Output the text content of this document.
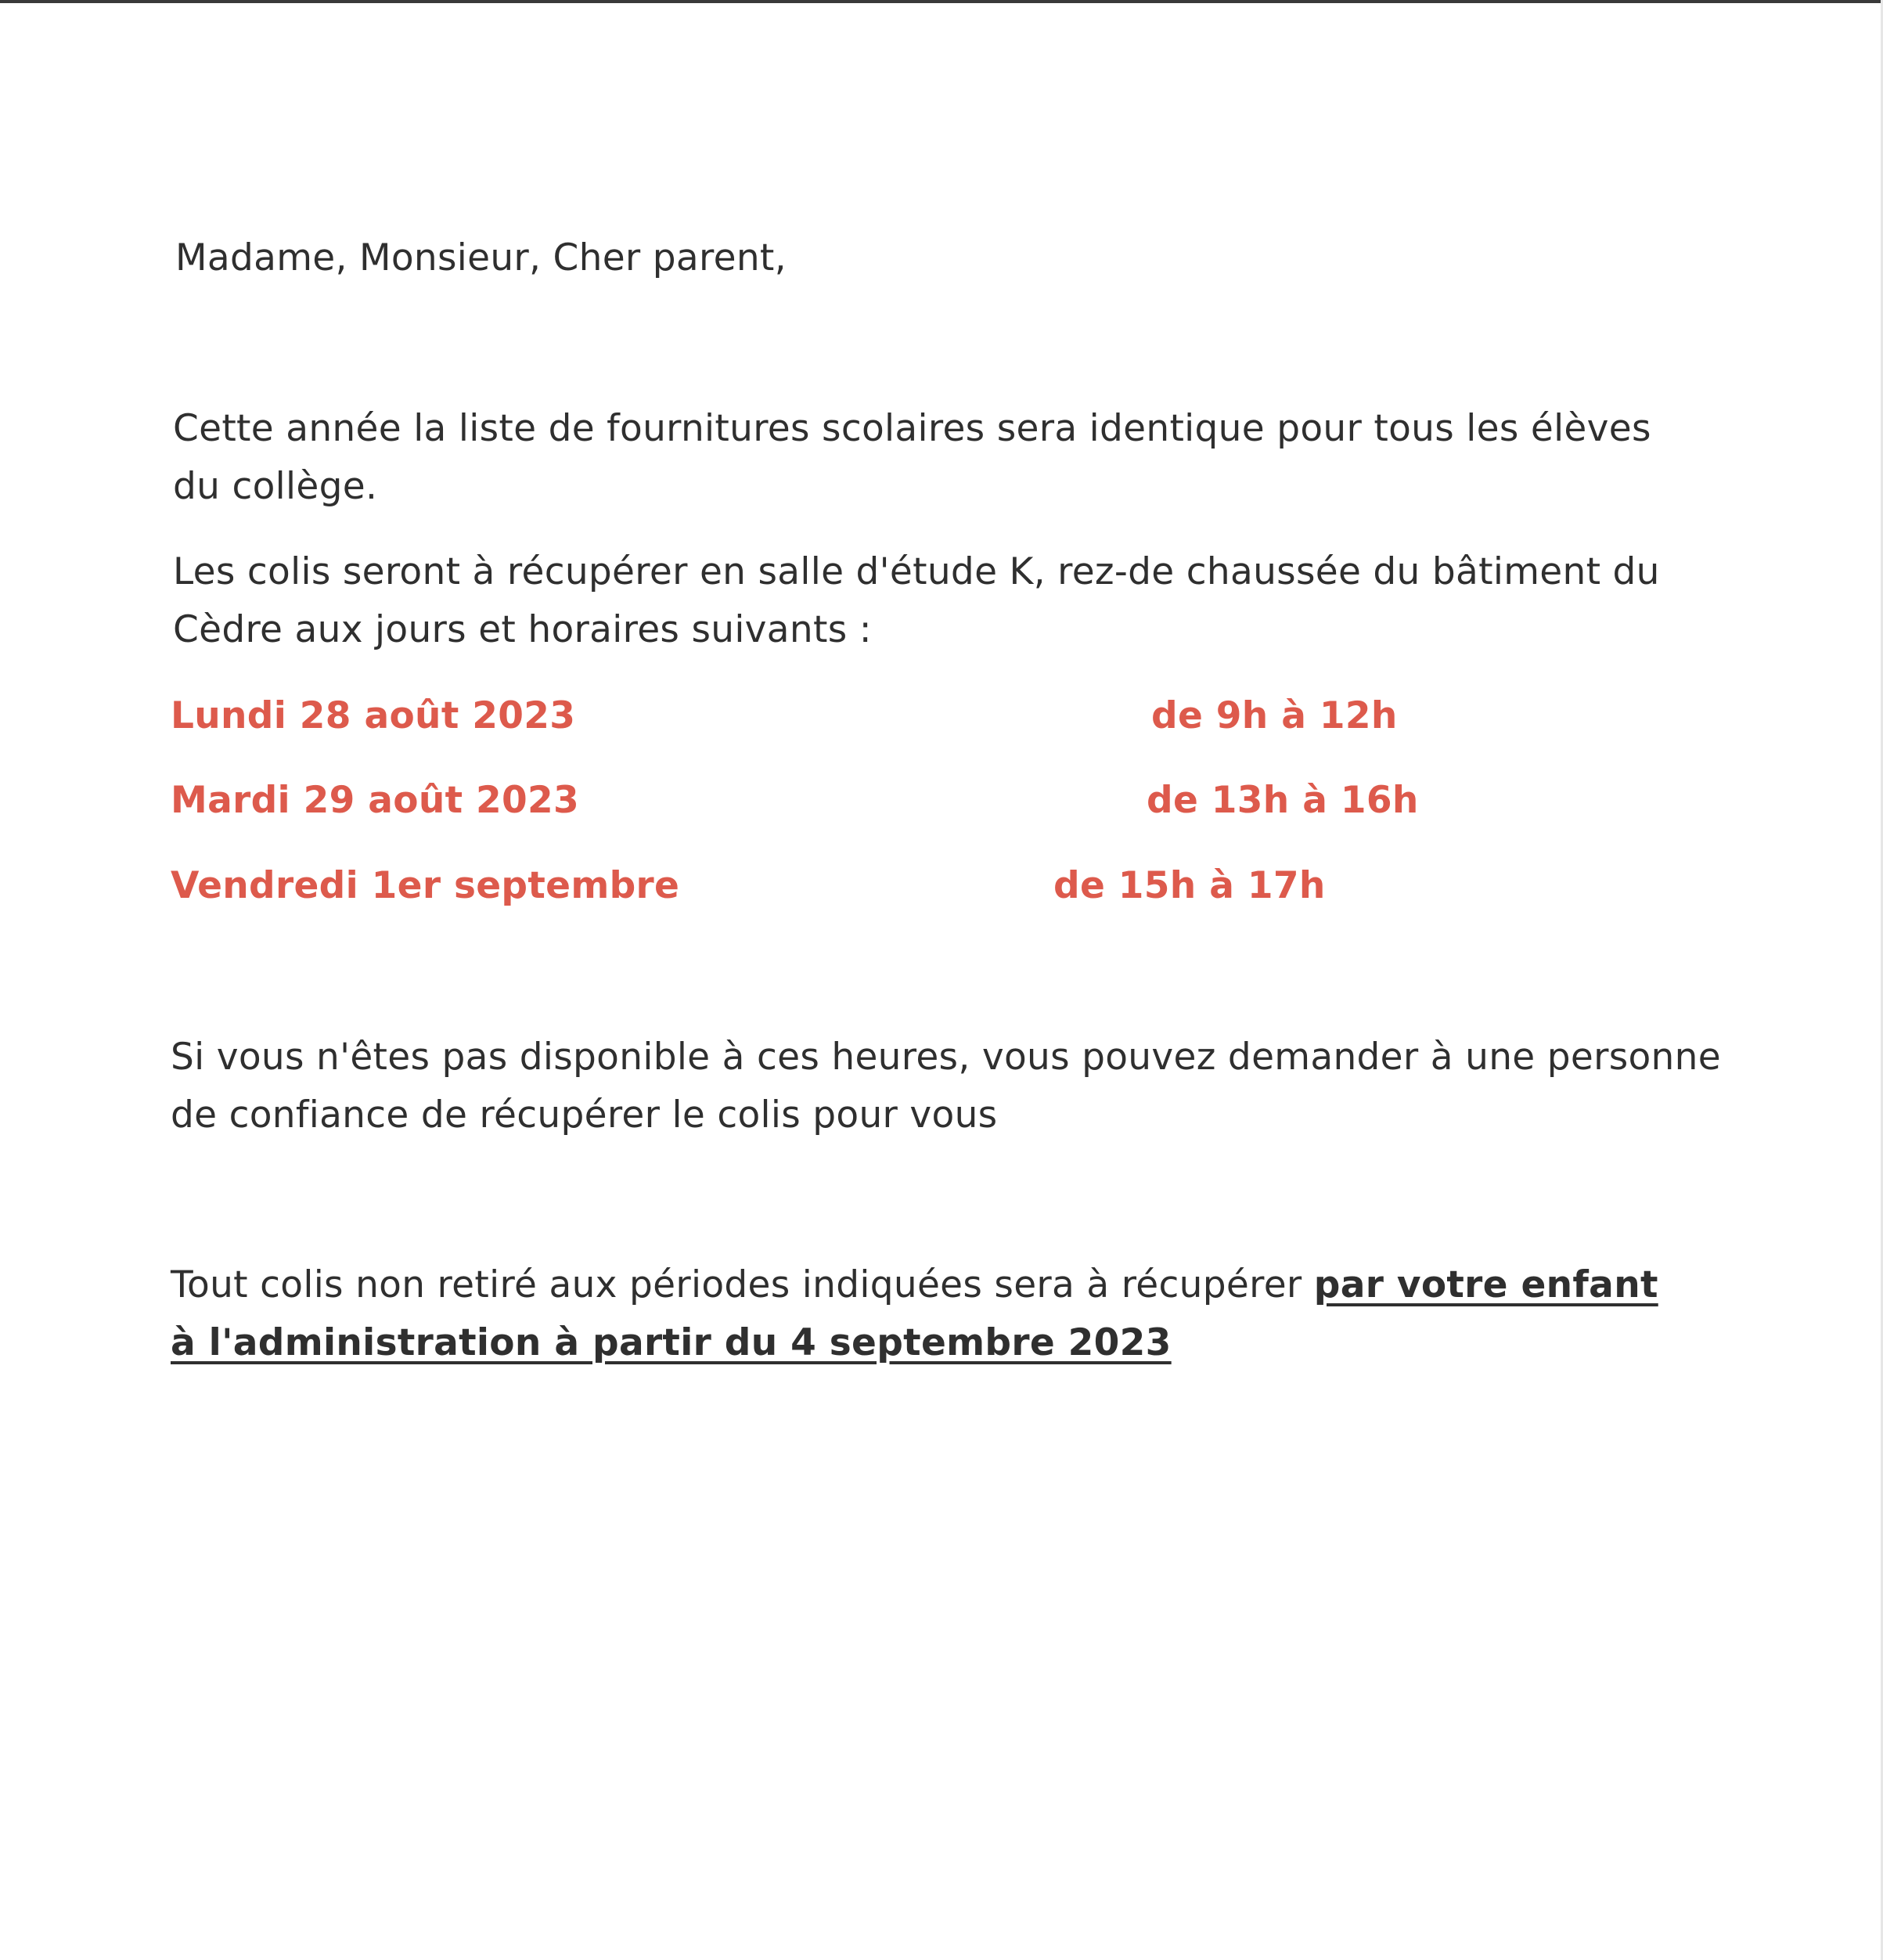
Madame, Monsieur, Cher parent,
Cette année la liste de fournitures scolaires sera identique pour tous les élèves
du collège.
Les colis seront à récupérer en salle d'étude K, rez-de chaussée du bâtiment du
Cèdre aux jours et horaires suivants :
Lundi 28 août 2023	de 9h à 12h
Mardi 29 août 2023	de 13h à 16h
Vendredi 1er septembre	de 15h à 17h
Si vous n'êtes pas disponible à ces heures, vous pouvez demander à une personne
de confiance de récupérer le colis pour vous
Tout colis non retiré aux périodes indiquées sera à récupérer par votre enfant
à l'administration à partir du 4 septembre 2023
